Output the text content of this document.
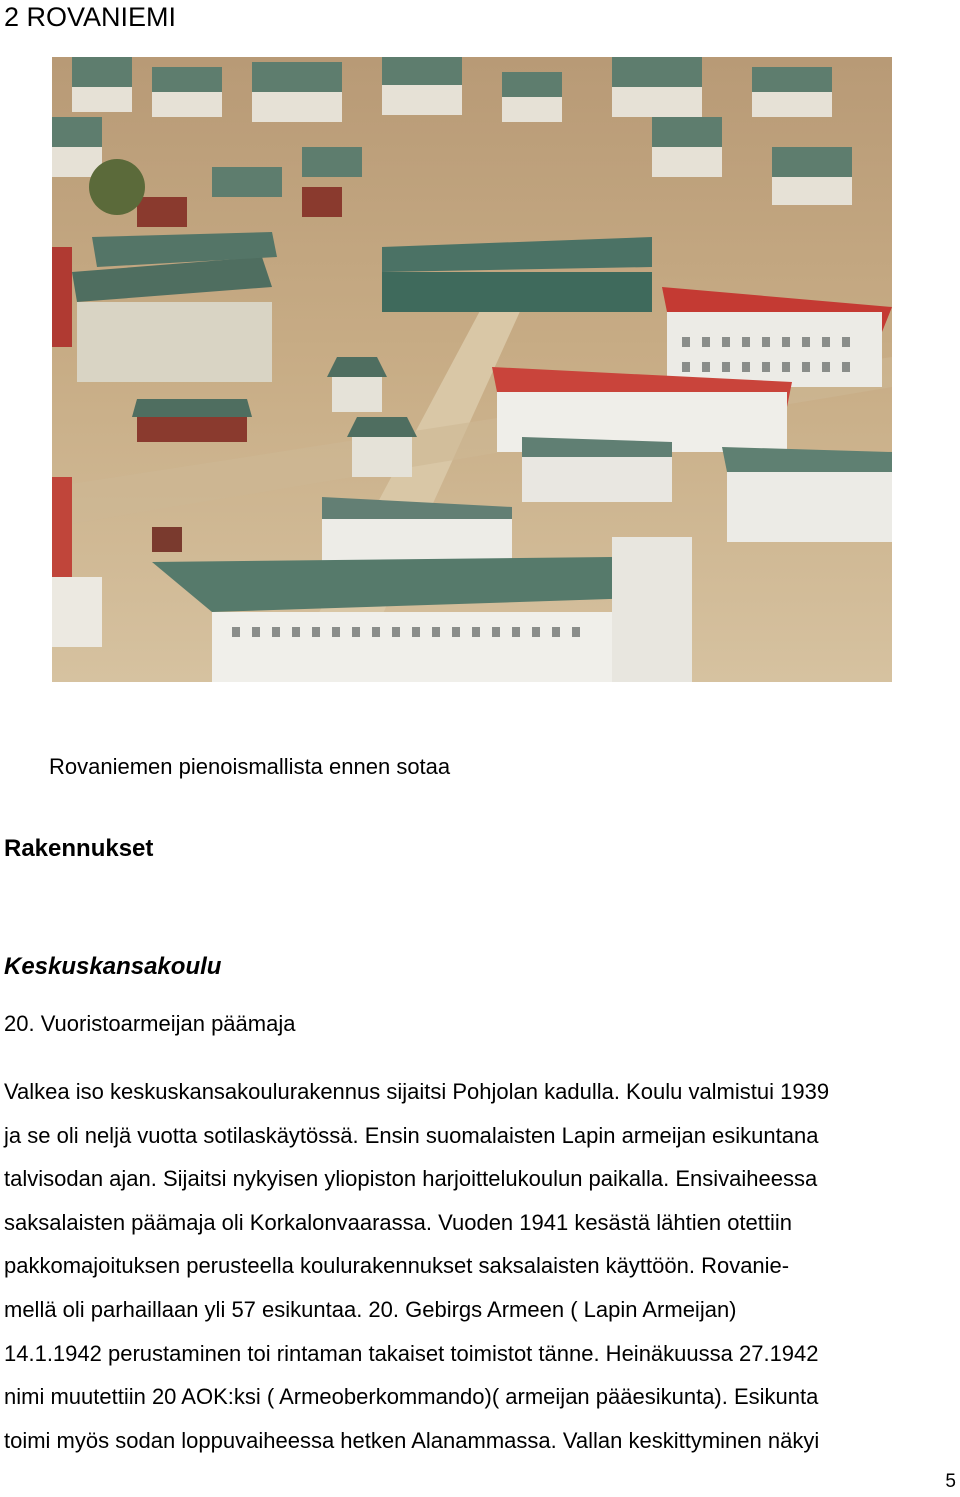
2 ROVANIEMI
Rovaniemen pienoismallista ennen sotaa
Rakennukset
Keskuskansakoulu
20. Vuoristoarmeijan päämaja
Valkea iso keskuskansakoulurakennus sijaitsi Pohjolan kadulla. Koulu valmistui 1939
ja se oli neljä vuotta sotilaskäytössä. Ensin suomalaisten Lapin armeijan esikuntana
talvisodan ajan. Sijaitsi nykyisen yliopiston harjoittelukoulun paikalla. Ensivaiheessa
saksalaisten päämaja oli Korkalonvaarassa. Vuoden 1941 kesästä lähtien otettiin
pakkomajoituksen perusteella koulurakennukset saksalaisten käyttöön. Rovanie-
mellä oli parhaillaan yli 57 esikuntaa. 20. Gebirgs Armeen ( Lapin Armeijan)
14.1.1942 perustaminen toi rintaman takaiset toimistot tänne. Heinäkuussa 27.1942
nimi muutettiin 20 AOK:ksi ( Armeoberkommando)( armeijan pääesikunta). Esikunta
toimi myös sodan loppuvaiheessa hetken Alanammassa. Vallan keskittyminen näkyi
5
